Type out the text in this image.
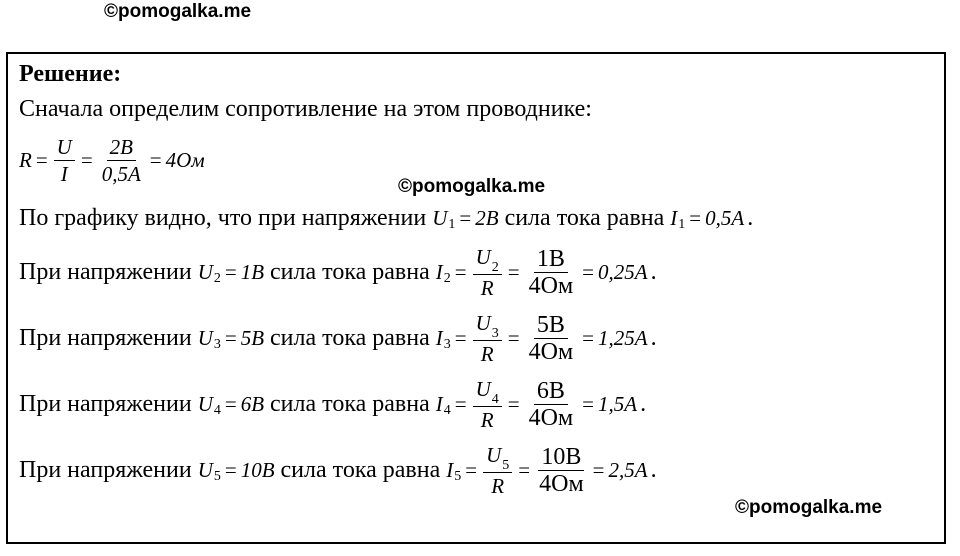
©pomogalka.me
Решение:
Сначала определим сопротивление на этом проводнике:
$R = \frac{U}{I} = \frac{2B}{0,5A} = 4Ом$
©pomogalka.me
По графику видно, что при напряжении U 1 = 2B сила тока равна I 1 = 0,5A .
При напряжении U 2 = 1B сила тока равна I $2 = \frac{U_2}{R} = \frac{1B}{4Ом} = 0,25A$ .
При напряжении U 3 = 5B сила тока равна I $3 = \frac{U_3}{R} = \frac{5B}{4Ом} = 1,25A$ .
При напряжении U 4 = 6B сила тока равна I $4 = \frac{U_4}{R} = \frac{6B}{4Ом} = 1,5A$ .
При напряжении U 5 = 10B сила тока равна I $5 = \frac{U_5}{R} = \frac{10B}{4Ом} = 2,5A$ .
©pomogalka.me
